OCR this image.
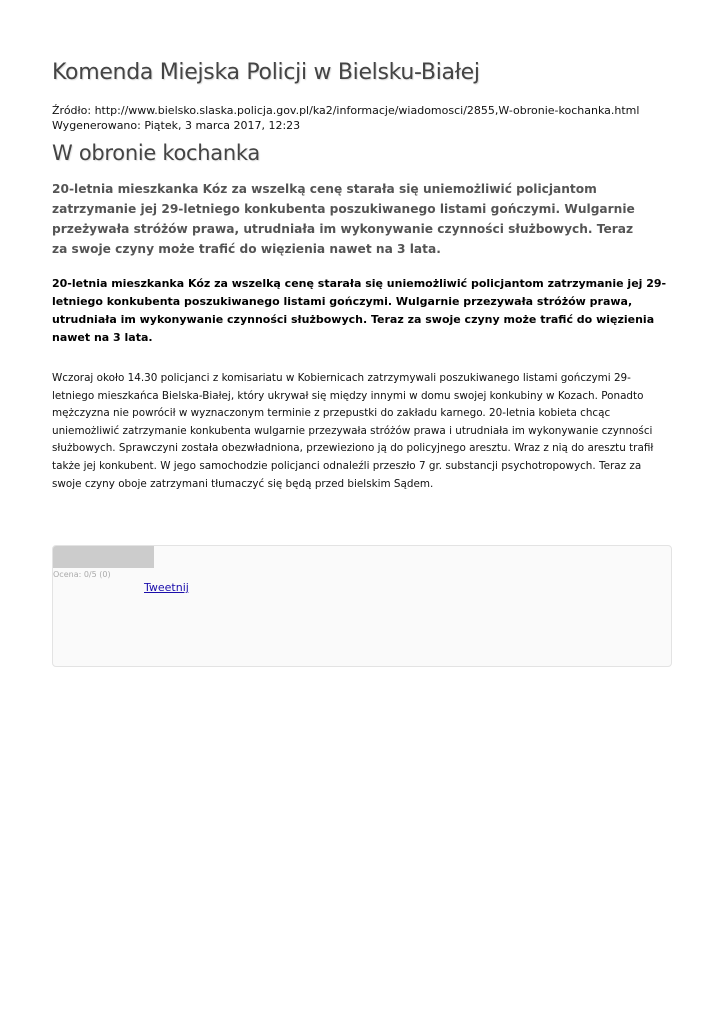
Komenda Miejska Policji w Bielsku-Białej
Źródło: http://www.bielsko.slaska.policja.gov.pl/ka2/informacje/wiadomosci/2855,W-obronie-kochanka.html
Wygenerowano: Piątek, 3 marca 2017, 12:23
W obronie kochanka

20-letnia mieszkanka Kóz za wszelką cenę starała się uniemożliwić policjantom zatrzymanie jej 29-letniego konkubenta poszukiwanego listami gończymi. Wulgarnie przeżywała stróżów prawa, utrudniała im wykonywanie czynności służbowych. Teraz za swoje czyny może trafić do więzienia nawet na 3 lata.

20-letnia mieszkanka Kóz za wszelką cenę starała się uniemożliwić policjantom zatrzymanie jej 29-letniego konkubenta poszukiwanego listami gończymi. Wulgarnie przezywała stróżów prawa, utrudniała im wykonywanie czynności służbowych. Teraz za swoje czyny może trafić do więzienia nawet na 3 lata.

Wczoraj około 14.30 policjanci z komisariatu w Kobiernicach zatrzymywali poszukiwanego listami gończymi 29-letniego mieszkańca Bielska-Białej, który ukrywał się między innymi w domu swojej konkubiny w Kozach. Ponadto mężczyzna nie powrócił w wyznaczonym terminie z przepustki do zakładu karnego. 20-letnia kobieta chcąc uniemożliwić zatrzymanie konkubenta wulgarnie przezywała stróżów prawa i utrudniała im wykonywanie czynności służbowych. Sprawczyni została obezwładniona, przewieziono ją do policyjnego aresztu. Wraz z nią do aresztu trafił także jej konkubent. W jego samochodzie policjanci odnaleźli przeszło 7 gr. substancji psychotropowych. Teraz za swoje czyny oboje zatrzymani tłumaczyć się będą przed bielskim Sądem.

Ocena: 0/5 (0)
Tweetnij
